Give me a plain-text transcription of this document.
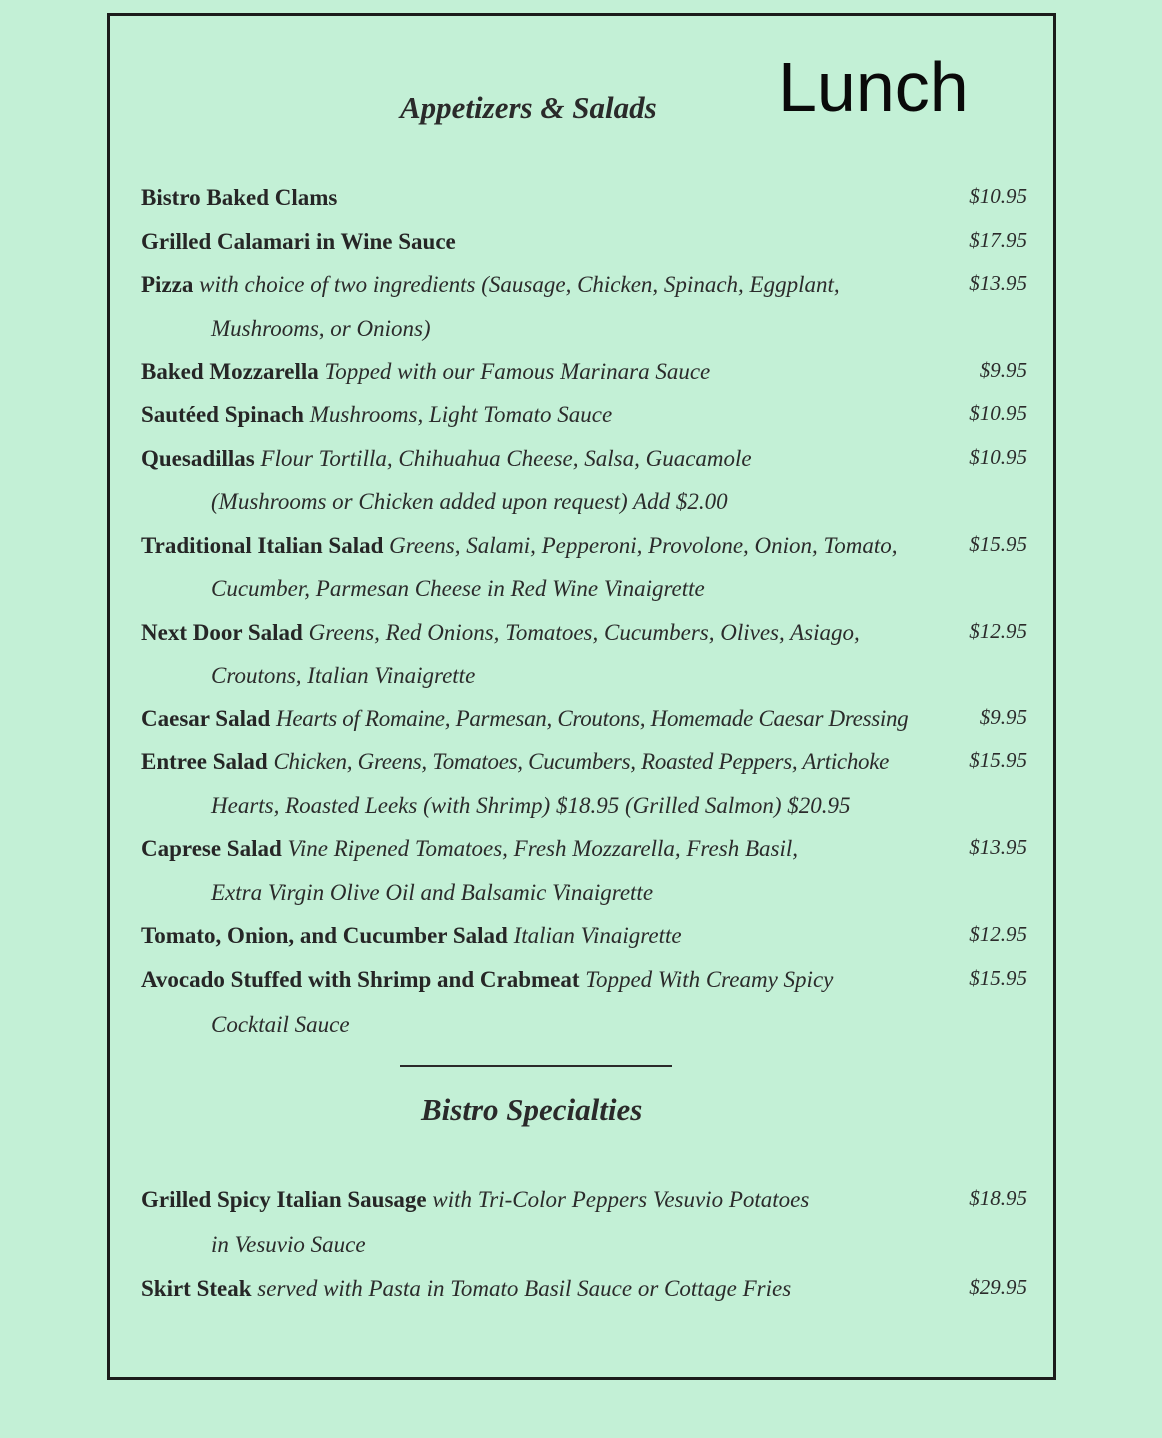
Lunch
Appetizers & Salads
Bistro Baked Clams	$10.95
Grilled Calamari in Wine Sauce	$17.95
Pizza with choice of two ingredients (Sausage, Chicken, Spinach, Eggplant,	$13.95
Mushrooms, or Onions)
Baked Mozzarella Topped with our Famous Marinara Sauce	$9.95
Sautéed Spinach Mushrooms, Light Tomato Sauce	$10.95
Quesadillas Flour Tortilla, Chihuahua Cheese, Salsa, Guacamole	$10.95
(Mushrooms or Chicken added upon request) Add $2.00
Traditional Italian Salad Greens, Salami, Pepperoni, Provolone, Onion, Tomato,	$15.95
Cucumber, Parmesan Cheese in Red Wine Vinaigrette
Next Door Salad Greens, Red Onions, Tomatoes, Cucumbers, Olives, Asiago,	$12.95
Croutons, Italian Vinaigrette
Caesar Salad Hearts of Romaine, Parmesan, Croutons, Homemade Caesar Dressing	$9.95
Entree Salad Chicken, Greens, Tomatoes, Cucumbers, Roasted Peppers, Artichoke	$15.95
Hearts, Roasted Leeks (with Shrimp) $18.95 (Grilled Salmon) $20.95
Caprese Salad Vine Ripened Tomatoes, Fresh Mozzarella, Fresh Basil,	$13.95
Extra Virgin Olive Oil and Balsamic Vinaigrette
Tomato, Onion, and Cucumber Salad Italian Vinaigrette	$12.95
Avocado Stuffed with Shrimp and Crabmeat Topped With Creamy Spicy	$15.95
Cocktail Sauce
Bistro Specialties
Grilled Spicy Italian Sausage with Tri-Color Peppers Vesuvio Potatoes	$18.95
in Vesuvio Sauce
Skirt Steak served with Pasta in Tomato Basil Sauce or Cottage Fries	$29.95
